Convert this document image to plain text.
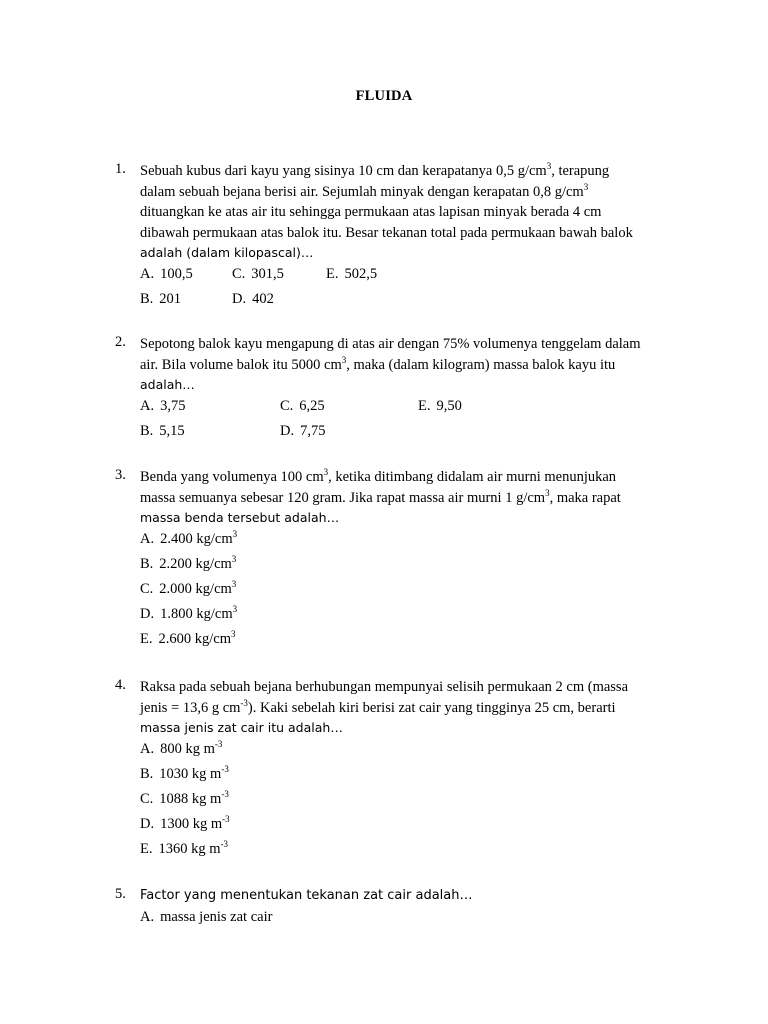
FLUIDA
1. Sebuah kubus dari kayu yang sisinya 10 cm dan kerapatanya 0,5 $g/cm^3$, terapung
dalam sebuah bejana berisi air. Sejumlah minyak dengan kerapatan 0,8 $g/cm^3$
dituangkan ke atas air itu sehingga permukaan atas lapisan minyak berada 4 cm
dibawah permukaan atas balok itu. Besar tekanan total pada permukaan bawah balok
adalah (dalam kilopascal)…
A. 100,5	C. 301,5	E. 502,5
B. 201	D. 402
2. Sepotong balok kayu mengapung di atas air dengan 75% volumenya tenggelam dalam
air. Bila volume balok itu 5000 $cm^3$, maka (dalam kilogram) massa balok kayu itu
adalah…
A. 3,75	C. 6,25	E. 9,50
B. 5,15	D. 7,75
3. Benda yang volumenya 100 $cm^3$, ketika ditimbang didalam air murni menunjukan
massa semuanya sebesar 120 gram. Jika rapat massa air murni 1 $g/cm^3$, maka rapat
massa benda tersebut adalah…
A. 2.400 $kg/cm^3$
B. 2.200 $kg/cm^3$
C. 2.000 $kg/cm^3$
D. 1.800 $kg/cm^3$
E. 2.600 $kg/cm^3$
4. Raksa pada sebuah bejana berhubungan mempunyai selisih permukaan 2 cm (massa
jenis = 13,6 g $cm^{-3}$). Kaki sebelah kiri berisi zat cair yang tingginya 25 cm, berarti
massa jenis zat cair itu adalah…
A. 800 kg $m^{-3}$
B. 1030 kg $m^{-3}$
C. 1088 kg $m^{-3}$
D. 1300 kg $m^{-3}$
E. 1360 kg $m^{-3}$
5. Factor yang menentukan tekanan zat cair adalah…
A. massa jenis zat cair
